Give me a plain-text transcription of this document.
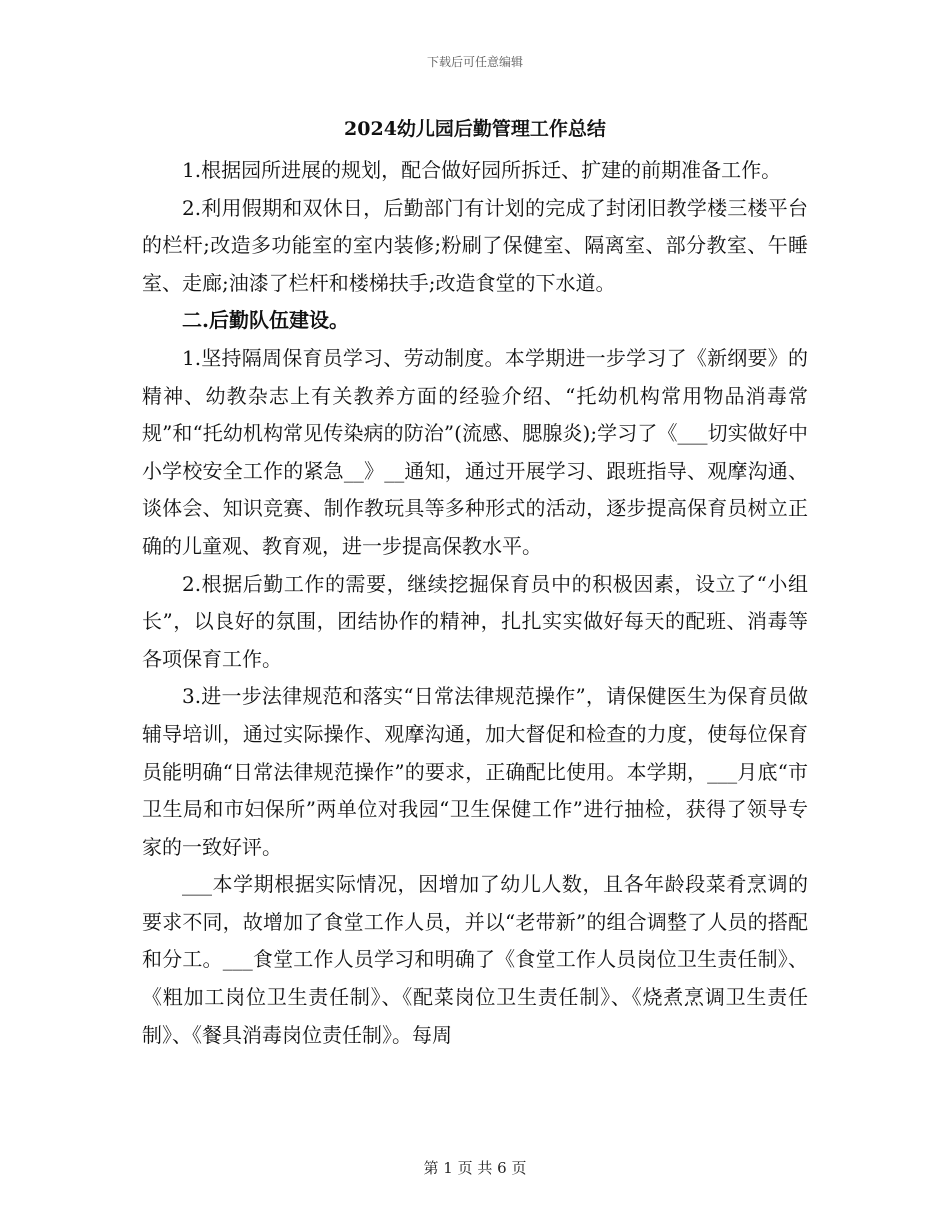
下载后可任意编辑
2024幼儿园后勤管理工作总结

1.根据园所进展的规划，配合做好园所拆迁、扩建的前期准备工作。

2.利用假期和双休日，后勤部门有计划的完成了封闭旧教学楼三楼平台的栏杆;改造多功能室的室内装修;粉刷了保健室、隔离室、部分教室、午睡室、走廊;油漆了栏杆和楼梯扶手;改造食堂的下水道。

二.后勤队伍建设。

1.坚持隔周保育员学习、劳动制度。本学期进一步学习了《新纲要》的精神、幼教杂志上有关教养方面的经验介绍、“托幼机构常用物品消毒常规”和“托幼机构常见传染病的防治”(流感、腮腺炎);学习了《___切实做好中小学校安全工作的紧急__》__通知，通过开展学习、跟班指导、观摩沟通、谈体会、知识竞赛、制作教玩具等多种形式的活动，逐步提高保育员树立正确的儿童观、教育观，进一步提高保教水平。

2.根据后勤工作的需要，继续挖掘保育员中的积极因素，设立了“小组长”，以良好的氛围，团结协作的精神，扎扎实实做好每天的配班、消毒等各项保育工作。

3.进一步法律规范和落实“日常法律规范操作”，请保健医生为保育员做辅导培训，通过实际操作、观摩沟通，加大督促和检查的力度，使每位保育员能明确“日常法律规范操作”的要求，正确配比使用。本学期，___月底“市卫生局和市妇保所”两单位对我园“卫生保健工作”进行抽检，获得了领导专家的一致好评。

___本学期根据实际情况，因增加了幼儿人数，且各年龄段菜肴烹调的要求不同，故增加了食堂工作人员，并以“老带新”的组合调整了人员的搭配和分工。___食堂工作人员学习和明确了《食堂工作人员岗位卫生责任制》、《粗加工岗位卫生责任制》、《配菜岗位卫生责任制》、《烧煮烹调卫生责任制》、《餐具消毒岗位责任制》。每周

第 1 页 共 6 页
